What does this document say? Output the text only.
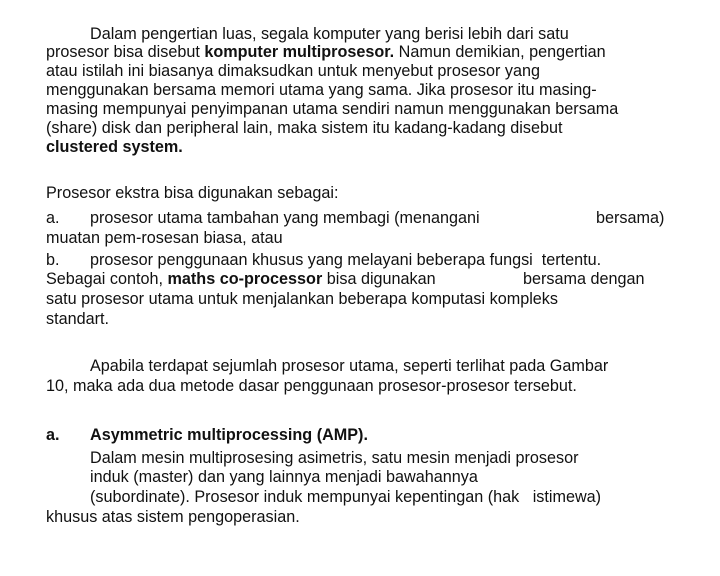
Dalam pengertian luas, segala komputer yang berisi lebih dari satu
prosesor bisa disebut komputer multiprosesor. Namun demikian, pengertian
atau istilah ini biasanya dimaksudkan untuk menyebut prosesor yang
menggunakan bersama memori utama yang sama. Jika prosesor itu masing-
masing mempunyai penyimpanan utama sendiri namun menggunakan bersama
(share) disk dan peripheral lain, maka sistem itu kadang-kadang disebut
clustered system.
Prosesor ekstra bisa digunakan sebagai:
a. prosesor utama tambahan yang membagi (menangani	bersama)
muatan pem-rosesan biasa, atau
b. prosesor penggunaan khusus yang melayani beberapa fungsi  tertentu.
Sebagai contoh, maths co-processor bisa digunakan	bersama dengan
satu prosesor utama untuk menjalankan beberapa komputasi kompleks
standart.
Apabila terdapat sejumlah prosesor utama, seperti terlihat pada Gambar
10, maka ada dua metode dasar penggunaan prosesor-prosesor tersebut.
a. Asymmetric multiprocessing (AMP).
Dalam mesin multiprosesing asimetris, satu mesin menjadi prosesor
induk (master) dan yang lainnya menjadi bawahannya
(subordinate). Prosesor induk mempunyai kepentingan (hak   istimewa)
khusus atas sistem pengoperasian.
